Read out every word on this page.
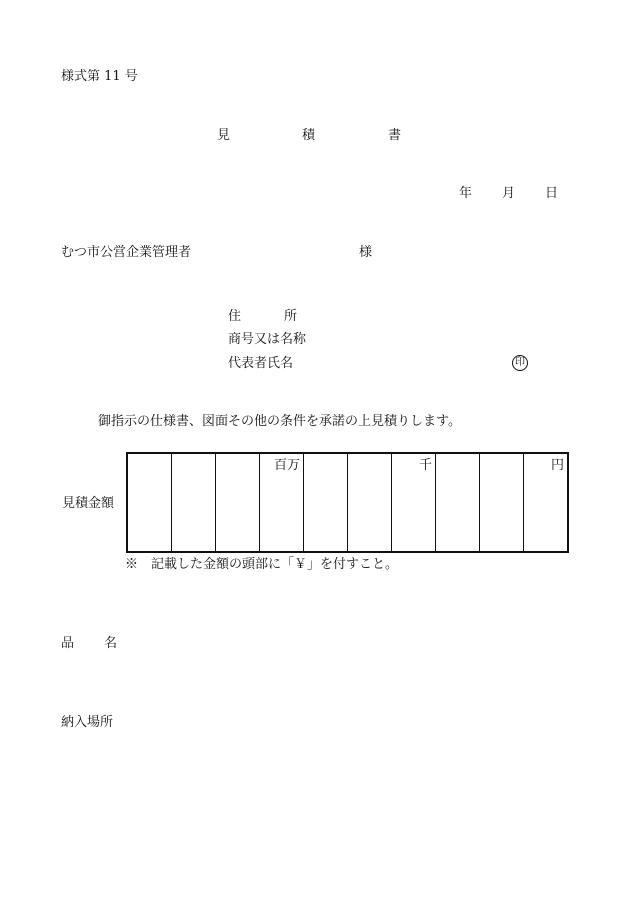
様式第 11 号
見	積	書
年 月 日
むつ市公営企業管理者	様
住	所
商号又は名称
代表者氏名	印
御指示の仕様書、図面その他の条件を承諾の上見積りします。
見積金額
百万	千	円
※　記載した金額の頭部に「￥」を付すこと。
品 名
納入場所
